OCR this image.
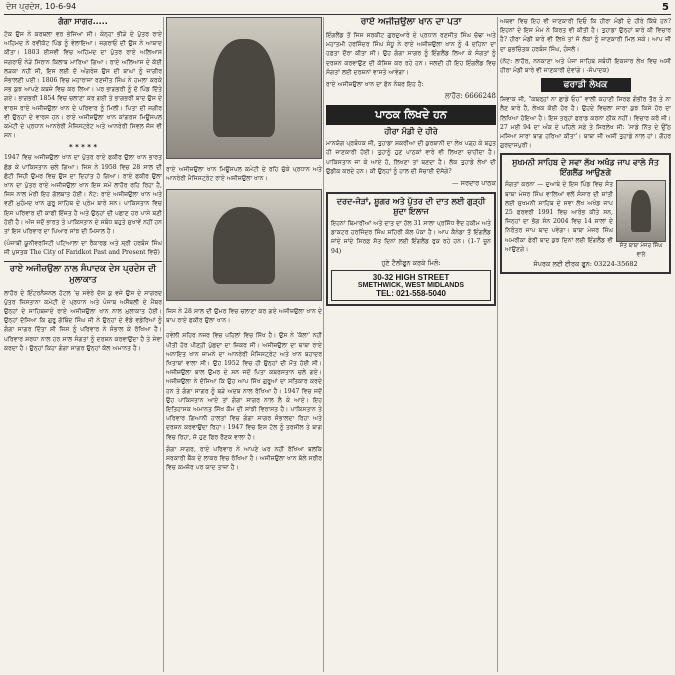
ਦੇਸ ਪ੍ਰਦੇਸ, 10-6-94	5
ਗੰਗਾ ਸਾਗਰ.....

ਟੋਕ ਉਸ ਨੇ ਕਰਬਲਾ ਵਰ ਭੇਜਿਆ ਸੀ। ਕੇਨ੍ਹਾ ਭੀੜੇ ਦੇ ਪੁੱਤਰ ਰਾਏ ਅਹਿਮਦ ਨੇ ਰਵੀਕੋਟ ਪਿੰਡ ਨੂੰ ਵੇਲਾਇਆ। ਜਗਰਾਓਂ ਦੀ ਉਸ ਨੇ ਆਬਾਦ ਕੀਤਾ। 1803 ਈਸਵੀ ਵਿਚ ਅਹਿਮਦ ਦਾ ਪੁੱਤਰ ਰਾਏ ਅਲਿਆਸ ਜਗਰਾਓਂ ਨੇੜੇ ਸਿਰਾਨ ਕਿਲਾਬ ਮਾਰਿਆ ਗਿਆ। ਰਾਏ ਅਲਿਆਸ ਦੇ ਕੋਈ ਲੜਕਾ ਨਹੀਂ ਸੀ, ਇਸ ਲਈ ਦੋ ਅੰਗਰੇਜ਼ ਉਸ ਦੀ ਬਾਘਾਂ ਨੂੰ ਜਾਗੀਰ ਸੰਭਾਲਣੀ ਪਈ। 1806 ਵਿਚ ਮਹਾਰਾਜਾ ਰਣਜੀਤ ਸਿੰਘ ਨੇ ਹਮਲਾ ਕਰਕੇ ਸਭ ਕੁਝ ਆਪਣੇ ਕਬਜ਼ੇ ਵਿਚ ਕਰ ਲਿਆ। ਪਰ ਭਾਗਭਰੀ ਨੂੰ ਦੋ ਪਿੰਡ ਦਿੱਤੇ ਗਏ। ਭਾਗਭਰੀ 1854 ਵਿਚ ਚਲਾਣਾ ਕਰ ਗਈ ਤੇ ਭਾਗਭਰੀ ਬਾਦ ਉਸ ਦੇ ਵਾਰਸ ਰਾਏ ਅਜੀਜ਼ਉਲਾ ਖਾਨ ਦੇ ਪਰਿਵਾਰ ਨੂੰ ਮਿਲੀ। ਪਿਤਾ ਦੀ ਜਗੀਰ ਵੀ ਉਨ੍ਹਾਂ ਦੇ ਵਾਰਸ ਹਨ। ਰਾਏ ਅਜੀਜ਼ਉਲਾ ਖਾਨ ਕਾਂਗਰਸ ਮਿਊਂਸਪਲ ਕਮੇਟੀ ਦੇ ਪ੍ਰਧਾਨ ਆਨਰੇਰੀ ਮੈਜਿਸਟ੍ਰੇਟ ਅਤੇ ਆਨਰੇਰੀ ਸਿਵਲ ਜੱਜ ਵੀ ਸਨ।

* * * * *

1947 ਵਿਚ ਅਜੀਜ਼ਉਲਾ ਖਾਨ ਦਾ ਪੁੱਤਰ ਰਾਏ ਫਕੀਰ ਉਲਾ ਖਾਨ ਭਾਰਤ ਛੱਡ ਕੇ ਪਾਕਿਸਤਾਨ ਚਲੇ ਗਿਆ। ਜਿਸ ਨੇ 1958 ਵਿਚ 28 ਸਾਲ ਦੀ ਛੋਟੀ ਜਿਹੀ ਉਮਰ ਵਿਚ ਉਸ ਦਾ ਦਿਹਾਂਤ ਹੋ ਗਿਆ। ਰਾਏ ਫਕੀਰ ਉਲਾ ਖਾਨ ਦਾ ਪੁੱਤਰ ਰਾਏ ਅਜੀਜ਼ਉਲਾ ਖਾਨ ਇਸ ਸਮੇਂ ਲਾਹੌਰ ਰਹਿ ਰਿਹਾ ਹੈ, ਜਿਸ ਨਾਲ ਮੇਰੀ ਇਹ ਗੱਲਬਾਤ ਹੋਈ। ਨੋਟ: ਰਾਏ ਅਜੀਜ਼ਉਲਾ ਖਾਨ ਅਤੇ ਵਣੀ ਮੁਹੰਮਦ ਖਾਨ ਗੁਰੂ ਸਾਹਿਬ ਦੇ ਪ੍ਰੇਮ ਬਾਰੇ ਸਨ। ਪਾਕਿਸਤਾਨ ਵਿਚ ਇਸ ਪਰਿਵਾਰ ਦੀ ਕਾਫੀ ਇੱਜ਼ਤ ਹੈ ਅਤੇ ਉਨ੍ਹਾਂ ਦੀ ਪਛਾਣ ਹਰ ਪਾਸੇ ਬਣੀ ਹੋਈ ਹੈ। ਅੱਜ ਜਦੋਂ ਭਾਰਤ ਤੇ ਪਾਕਿਸਤਾਨ ਦੇ ਸਬੰਧ ਬਹੁਤੇ ਸੁਖਾਵੇਂ ਨਹੀਂ ਹਨ ਤਾਂ ਇਸ ਪਰਿਵਾਰ ਦਾ ਪਿਆਰ ਸਾਂਝ ਦੀ ਮਿਸਾਲ ਹੈ।

(ਪੰਜਾਬੀ ਯੂਨੀਵਰਸਿਟੀ ਪਟਿਆਲਾ ਦਾ ਰੈਕਾਰਡ ਅਤੇ ਸ਼੍ਰੀ ਹਰਬੰਸ ਸਿੰਘ ਜੀ ਪੁਸਤਕ The City of Faridkot Past and Present ਵਿਚੋਂ)

ਰਾਏ ਅਜੀਜ਼ਉਲਾ ਨਾਲ ਸੰਪਾਦਕ ਦੇਸ ਪ੍ਰਦੇਸ ਦੀ ਮੁਲਾਕਾਤ

ਲਾਹੌਰ ਦੇ ਇੰਟਰਨੈਸ਼ਨਲ ਹੋਟਲ 'ਚ ਸਵੇਰੇ ਦੱਸ ਕੁ ਵਜੇ ਉਸ ਦੇ ਸਾਗਰਦ ਪੁੱਤਰ ਜਿਸਤਾਨਾ ਕਮੇਟੀ ਦੇ ਪ੍ਰਧਾਨ ਅਤੇ ਪੰਜਾਬ ਅਸੈਂਬਲੀ ਦੇ ਮੈਂਬਰ ਉਨ੍ਹਾਂ ਦੇ ਸਾਹਿਬਜ਼ਾਦੇ ਰਾਏ ਅਜੀਜ਼ਉਲਾ ਖਾਨ ਨਾਲ ਮੁਲਾਕਾਤ ਹੋਈ। ਉਨ੍ਹਾਂ ਦੱਸਿਆ ਕਿ ਗੁਰੂ ਗੋਬਿੰਦ ਸਿੰਘ ਜੀ ਨੇ ਉਨ੍ਹਾਂ ਦੇ ਵੱਡੇ ਵਡੇਰਿਆਂ ਨੂੰ ਗੰਗਾ ਸਾਗਰ ਦਿੱਤਾ ਸੀ ਜਿਸ ਨੂੰ ਪਰਿਵਾਰ ਨੇ ਸੰਭਾਲ ਕੇ ਰੱਖਿਆ ਹੈ। ਪਰਿਵਾਰ ਸ਼ਰਧਾ ਨਾਲ ਹਰ ਸਾਲ ਸੰਗਤਾਂ ਨੂੰ ਦਰਸ਼ਨ ਕਰਵਾਉਂਦਾ ਹੈ ਤੇ ਸੇਵਾ ਕਰਦਾ ਹੈ। ਉਨ੍ਹਾਂ ਕਿਹਾ ਗੰਗਾ ਸਾਗਰ ਉਨ੍ਹਾਂ ਕੋਲ ਅਮਾਨਤ ਹੈ।

ਰਾਏ ਅਜੀਜ਼ਉਲਾ ਖਾਨ ਮਿਊਂਸਪਲ ਕਮੇਟੀ ਦੇ ਰਹਿ ਚੁੱਕੇ ਪ੍ਰਧਾਨ ਅਤੇ ਆਨਰੇਰੀ ਮੈਜਿਸਟ੍ਰੇਟ ਰਾਏ ਅਜੀਜ਼ਉਲਾ ਖਾਨ।

ਜਿਸ ਨੇ 28 ਸਾਲ ਦੀ ਉਮਰ ਵਿਚ ਚਲਾਣਾ ਕਰ ਗਏ ਅਜੀਜ਼ਉਲਾ ਖਾਨ ਦੇ ਬਾਪ ਰਾਏ ਫਕੀਰ ਉਲਾ ਖਾਨ।

ਹਵੇਲੀ ਸ਼ਹਿਰ ਨਜ਼ਰ ਵਿਚ ਪਹਿਲਾਂ ਵਿਚ ਸਿੱਖ ਹੈ। ਉਸ ਨੇ 'ਕੱਲਾ' ਨਹੀਂ ਪੀਤੀ ਹੋਰ ਪੀਣ੍ਹੀ ਪੁੱਛਦਾ ਦਾ ਜ਼ਿਕਰ ਸੀ। ਅਜੀਜ਼ਉਲਾ ਦਾ ਬਾਬਾ ਰਾਏ ਅਨਾਇਤ ਖਾਨ ਜ਼ਾਮਨੇ ਦਾ ਆਨਰੇਰੀ ਮੈਜਿਸਟ੍ਰੇਟ ਅਤੇ ਖਾਨ ਬਹਾਦਰ ਖਿਤਾਬਾਂ ਵਾਲਾ ਸੀ। ਉਹ 1952 ਵਿਚ ਹੀ ਉਨ੍ਹਾਂ ਦੀ ਮੌਤ ਹੋਈ ਸੀ। ਅਜੀਜ਼ਉਲਾ ਬਾਲ ਉਮਰ ਦੇ ਸਨ ਜਦੋਂ ਪਿਤਾ ਕਬਰਸਤਾਨ ਚਲੇ ਗਏ। ਅਜੀਜ਼ਉਲਾ ਨੇ ਦੱਸਿਆ ਕਿ ਉਹ ਆਪ ਸਿੱਖ ਗੁਰੂਆਂ ਦਾ ਸਤਿਕਾਰ ਕਰਦੇ ਹਨ ਤੇ ਗੰਗਾ ਸਾਗਰ ਨੂੰ ਬੜੇ ਅਦਬ ਨਾਲ ਰੱਖਿਆ ਹੈ। 1947 ਵਿਚ ਜਦੋਂ ਉਹ ਪਾਕਿਸਤਾਨ ਆਏ ਤਾਂ ਗੰਗਾ ਸਾਗਰ ਨਾਲ ਲੈ ਕੇ ਆਏ। ਇਹ ਇਤਿਹਾਸਕ ਅਮਾਨਤ ਸਿੱਖ ਕੌਮ ਦੀ ਸਾਂਝੀ ਵਿਰਾਸਤ ਹੈ। ਪਾਕਿਸਤਾਨ ਤੇ ਪਰਿਵਾਰ ਗਿਆਨੀ ਹਾਲਤਾਂ ਵਿਚ ਗੰਗਾ ਸਾਗਰ ਸੰਭਾਲਦਾ ਰਿਹਾ ਅਤੇ ਦਰਸ਼ਨ ਕਰਵਾਉਂਦਾ ਰਿਹਾ। 1947 ਵਿਚ ਇਸ ਟੋਲ ਨੂੰ ਤਰਸੀਲ ਤੇ ਬਾਗ ਵਿਚ ਰਿਹਾ, ਜੋ ਹੁਣ ਫਿਰ ਰੌਣਕ ਵਾਲਾ ਹੈ।

ਗੰਗਾ ਸਾਗਰ, ਰਾਏ ਪਰਿਵਾਰ ਨੇ ਆਪਣੇ ਘਰ ਨਹੀਂ ਰੱਖਿਆ ਬਲਕਿ ਸਰਕਾਰੀ ਬੈਂਕ ਦੇ ਲਾਕਰ ਵਿਚ ਰੱਖਿਆ ਹੈ। ਅਜੀਜ਼ਉਲਾ ਖਾਨ ਬੋਲੇ ਸਰੀਰ ਵਿਚ ਕਮਜ਼ੋਰ ਪਰ ਯਾਦ ਤਾਜ਼ਾ ਹੈ।

ਰਾਏ ਅਜੀਜ਼ਉਲਾ ਖਾਨ ਦਾ ਪਤਾ

ਇੰਗਲੈਂਡ ਤੋਂ ਜਿਸ ਸਰਕੀਟ ਗੁਰਦੁਆਰੇ ਦੇ ਪ੍ਰਧਾਨ ਰਣਜੀਤ ਸਿੰਘ ਚੱਢਾ ਅਤੇ ਮਹਾਤਮੀ ਹਰਜਿੰਦਰ ਸਿੰਘ ਸੰਧੂ ਨੇ ਰਾਏ ਅਜੀਜ਼ਉਲਾ ਖਾਨ ਨੂੰ 4 ਦਹਿਨਾ ਦਾ ਹਫ਼ਤਾ ਦੌਰਾ ਕੀਤਾ ਸੀ। ਉਹ ਗੰਗਾ ਸਾਗਰ ਨੂੰ ਇੰਗਲੈਂਡ ਲਿਆ ਕੇ ਸੰਗਤਾਂ ਨੂੰ ਦਰਸ਼ਨ ਕਰਵਾਉਣ ਦੀ ਕੋਸ਼ਿਸ਼ ਕਰ ਰਹੇ ਹਨ। ਜਲਦੀ ਹੀ ਇਹ ਇੰਗਲੈਂਡ ਵਿਚ ਸੰਗਤਾਂ ਲਈ ਦਰਸ਼ਨਾਂ ਵਾਸਤੇ ਆਵੇਗਾ।

ਰਾਏ ਅਜੀਜ਼ਉਲਾ ਖਾਨ ਦਾ ਫੋਨ ਨੰਬਰ ਇਹ ਹੈ:

ਲਾਹੌਰ: 6666248
ਪਾਠਕ ਲਿਖਦੇ ਹਨ
ਹੀਰਾ ਮੰਡੀ ਦੇ ਹੀਰੇ

ਮਾਨਯੋਗ ਪ੍ਰਬੰਧਕ ਜੀ, ਤੁਹਾਡਾ ਸ਼ਕਰੀਆ ਦੀ ਕੁਰਬਾਨੀ ਦਾ ਲੇਖ ਪੜ੍ਹ ਕੇ ਬਹੁਤ ਹੀ ਜਾਣਕਾਰੀ ਹੋਈ। ਤੁਹਾਨੂੰ ਹੁਣ ਪਾਠਕਾਂ ਵਾਰੇ ਵੀ ਲਿਖਣਾ ਚਾਹੀਦਾ ਹੈ। ਪਾਕਿਸਤਾਨ ਜਾ ਕੇ ਆਏ ਹੋ, ਲਿਖਣਾ ਤਾਂ ਬਣਦਾ ਹੈ। ਲੋਕ ਤੁਹਾਡੇ ਲੇਖਾਂ ਦੀ ਉਡੀਕ ਕਰਦੇ ਹਨ। ਕੀ ਉਨ੍ਹਾਂ ਨੂੰ ਹਾਲ ਦੀ ਸੱਚਾਈ ਦੱਸੋਗੇ?

— ਸਰਦਾਰ ਪਾਠਕ
ਦਰਦ-ਜੋੜਾਂ, ਸ਼ੂਗਰ ਅਤੇ ਪੁੱਤਰ ਦੀ ਦਾਤ ਲਈ ਗੁੜ੍ਹੀ ਸ਼ੁਦਾ ਇਲਾਜ

ਇਹਨਾਂ ਬਿਮਾਰੀਆਂ ਅਤੇ ਦਾਤ ਦਾ ਹੱਲ 31 ਸਾਲਾ ਪ੍ਰਸਿੱਧ ਵੈਦ ਹਕੀਮ ਅਤੇ ਡਾਕਟਰ ਹਰਜਿੰਦਰ ਸਿੰਘ ਸ਼ਹਿਰੀ ਕੋਲ ਪੱਕਾ ਹੈ। ਆਪ ਕੈਨੇਡਾ ਤੋਂ ਇੰਗਲੈਂਡ ਜਾਂਦੇ ਜਾਂਦੇ ਸਿਰਫ਼ ਸੱਤ ਦਿਨਾਂ ਲਈ ਇੰਗਲੈਂਡ ਰੁਕ ਰਹੇ ਹਨ। (1-7 ਜੂਨ 94)

ਹੁਣੇ ਟੈਲੀਫੂਨ ਕਰਕੇ ਮਿਲੋ:
30-32 HIGH STREET
SMETHWICK, WEST MIDLANDS
TEL: 021-558-5040

ਅਥਵਾ ਵਿਚ ਇਹ ਵੀ ਜਾਣਕਾਰੀ ਦਿਓ ਕਿ ਹੀਰਾ ਮੰਡੀ ਦੇ ਹੀਰੇ ਕਿੱਥੇ ਹਨ? ਇਹਨਾਂ ਦੇ ਇਸ ਮੰਮ ਨੇ ਕਿਰਤ ਵੀ ਕੀਤੀ ਹੈ। ਤੁਹਾਡਾ ਉਨ੍ਹਾਂ ਬਾਰੇ ਕੀ ਵਿਚਾਰ ਹੈ? ਹੀਰਾ ਮੰਡੀ ਬਾਰੇ ਵੀ ਲਿਖੋ ਤਾਂ ਜੋ ਲੋਕਾਂ ਨੂੰ ਜਾਣਕਾਰੀ ਮਿਲ ਸਕੇ। ਆਪ ਜੀ ਦਾ ਸ਼ੁਭਚਿੰਤਕ ਹਰਬੰਸ ਸਿੰਘ, ਹੰਸਲੋ।

(ਨੋਟ: ਲਾਹੌਰ, ਨਨਕਾਣਾ ਅਤੇ ਪੰਜਾ ਸਾਹਿਬ ਸਬੰਧੀ ਇਕਸਾਰ ਲੇਖ ਵਿਚ ਅਸੀਂ ਹੀਰਾ ਮੰਡੀ ਬਾਰੇ ਵੀ ਜਾਣਕਾਰੀ ਦੇਵਾਂਗੇ। -ਸੰਪਾਦਕ)

ਫਰਾਡੀ ਲੇਖਕ

ਸ਼ਿਵਾਕ ਜੀ, "ਕਬਰ੍ਹਾਂ ਨਾ ਛਾਡੇ ਓਹ" ਵਾਲੀ ਕਹਾਣੀ ਸਿਰਫ ਗੰਭੀਰ ਤੌਰ ਤੇ ਨਾ ਲੈਣ ਬਾਰੇ ਹੈ, ਲੇਖਕ ਕੋਈ ਹੋਰ ਹੈ। ਉਹਦੇ ਵਿਚਲਾ ਸਾਰਾ ਕੁਝ ਕਿਸੇ ਹੋਰ ਦਾ ਲਿਖਿਆ ਹੋਇਆ ਹੈ। ਇਸ ਤਰ੍ਹਾਂ ਫਰਾਡ ਕਰਨਾ ਠੀਕ ਨਹੀਂ। ਵਿਚਾਰ ਕਰੋ ਜੀ। 27 ਮਈ 94 ਦਾ ਅੰਕ ਦੇ ਪਹਿਲੇ ਸਫ਼ੇ ਤੇ ਸਿਰਲੇਖ ਸੀ: 'ਸਾਡੇ ਨਿੱਤ ਦੇ ਉੱਠ ਮਸਿਆ ਸਾਰਾ ਬਾਗ ਹਰਿਆ ਕੀਤਾ'। ਬਾਬਾ ਜੀ ਅਸੀਂ ਤੁਹਾਡੇ ਨਾਲ ਹਾਂ। ਗੌਹਰ ਗੁਰਦਾਸਪੁਰੀ।

ਸੁਖਮਨੀ ਸਾਹਿਬ ਦੇ ਸਵਾ ਲੱਖ ਅਖੰਡ ਜਾਪ ਵਾਲੇ ਸੰਤ ਇੰਗਲੈਂਡ ਆਉਣਗੇ

ਸੰਗਤਾਂ ਕਰਨਾ — ਦੁਆਬੇ ਦੇ ਇਸ ਪਿੰਡ ਵਿਚ ਸੰਤ ਬਾਬਾ ਮੇਜਰ ਸਿੰਘ ਵਾਲਿਆਂ ਵਲੋਂ ਸੰਸਾਰ ਦੀ ਸ਼ਾਂਤੀ ਲਈ ਸੁਖਮਨੀ ਸਾਹਿਬ ਦੇ ਸਵਾ ਲੱਖ ਅਖੰਡ ਜਾਪ 25 ਫਰਵਰੀ 1991 ਵਿਚ ਆਰੰਭ ਕੀਤੇ ਸਨ, ਜਿਨ੍ਹਾਂ ਦਾ ਭੋਗ ਸੰਨ 2004 ਵਿਚ 14 ਸਾਲਾਂ ਦੇ ਨਿਰੰਤਰ ਜਾਪ ਬਾਦ ਪਵੇਗਾ। ਬਾਬਾ ਮੇਜਰ ਸਿੰਘ ਅਮਰੀਕਾ ਫੇਰੀ ਬਾਦ ਕੁਝ ਦਿਨਾਂ ਲਈ ਇੰਗਲੈਂਡ ਵੀ ਆਉਣਗੇ।	ਸੰਤ ਬਾਬਾ ਮੇਜਰ ਸਿੰਘ ਵਾਲੇ
ਸੰਪਰਕ ਲਈ ਈਰਕ ਫੂਨ: 03224-35682
